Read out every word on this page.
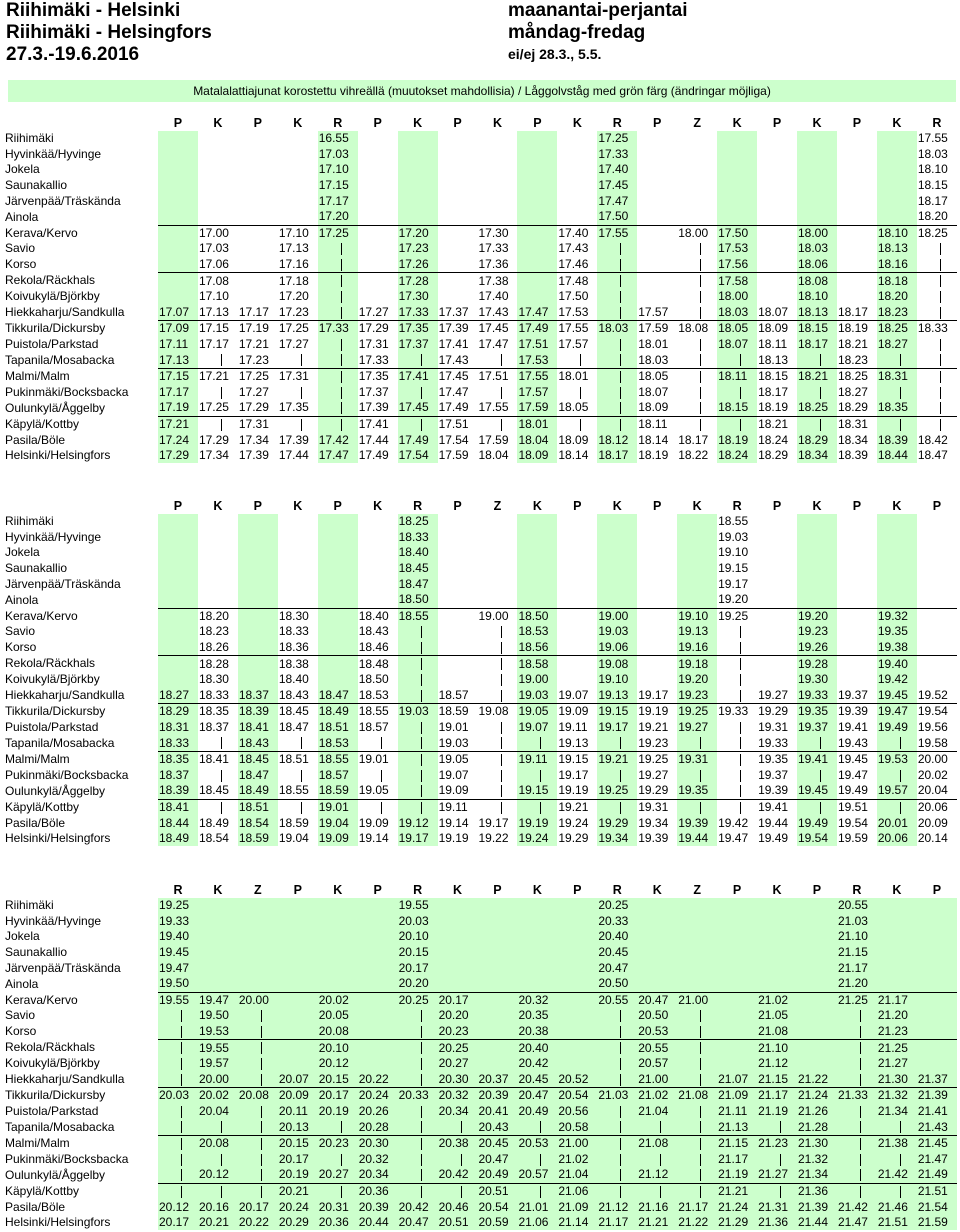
Riihimäki - Helsinki
Riihimäki - Helsingfors
27.3.-19.6.2016
maanantai-perjantai
måndag-fredag
ei/ej 28.3., 5.5.
Matalalattiajunat korostettu vihreällä (muutokset mahdollisia) / Låggolvståg med grön färg (ändringar möjliga)
	P	K	P	K	R	P	K	P	K	P	K	R	P	Z	K	P	K	P	K	R
Riihimäki					16.55							17.25								17.55
Hyvinkää/Hyvinge					17.03							17.33								18.03
Jokela					17.10							17.40								18.10
Saunakallio					17.15							17.45								18.15
Järvenpää/Träskända					17.17							17.47								18.17
Ainola					17.20							17.50								18.20
Kerava/Kervo		17.00		17.10	17.25		17.20		17.30		17.40	17.55		18.00	17.50		18.00		18.10	18.25
Savio		17.03		17.13			17.23		17.33		17.43				17.53		18.03		18.13	
Korso		17.06		17.16			17.26		17.36		17.46				17.56		18.06		18.16	
Rekola/Räckhals		17.08		17.18			17.28		17.38		17.48				17.58		18.08		18.18	
Koivukylä/Björkby		17.10		17.20			17.30		17.40		17.50				18.00		18.10		18.20	
Hiekkaharju/Sandkulla	17.07	17.13	17.17	17.23		17.27	17.33	17.37	17.43	17.47	17.53		17.57		18.03	18.07	18.13	18.17	18.23	
Tikkurila/Dickursby	17.09	17.15	17.19	17.25	17.33	17.29	17.35	17.39	17.45	17.49	17.55	18.03	17.59	18.08	18.05	18.09	18.15	18.19	18.25	18.33
Puistola/Parkstad	17.11	17.17	17.21	17.27		17.31	17.37	17.41	17.47	17.51	17.57		18.01		18.07	18.11	18.17	18.21	18.27	
Tapanila/Mosabacka	17.13		17.23			17.33		17.43		17.53			18.03			18.13		18.23		
Malmi/Malm	17.15	17.21	17.25	17.31		17.35	17.41	17.45	17.51	17.55	18.01		18.05		18.11	18.15	18.21	18.25	18.31	
Pukinmäki/Bocksbacka	17.17		17.27			17.37		17.47		17.57			18.07			18.17		18.27		
Oulunkylä/Åggelby	17.19	17.25	17.29	17.35		17.39	17.45	17.49	17.55	17.59	18.05		18.09		18.15	18.19	18.25	18.29	18.35	
Käpylä/Kottby	17.21		17.31			17.41		17.51		18.01			18.11			18.21		18.31		
Pasila/Böle	17.24	17.29	17.34	17.39	17.42	17.44	17.49	17.54	17.59	18.04	18.09	18.12	18.14	18.17	18.19	18.24	18.29	18.34	18.39	18.42
Helsinki/Helsingfors	17.29	17.34	17.39	17.44	17.47	17.49	17.54	17.59	18.04	18.09	18.14	18.17	18.19	18.22	18.24	18.29	18.34	18.39	18.44	18.47
	P	K	P	K	P	K	R	P	Z	K	P	K	P	K	R	P	K	P	K	P
Riihimäki							18.25								18.55					
Hyvinkää/Hyvinge							18.33								19.03					
Jokela							18.40								19.10					
Saunakallio							18.45								19.15					
Järvenpää/Träskända							18.47								19.17					
Ainola							18.50								19.20					
Kerava/Kervo		18.20		18.30		18.40	18.55		19.00	18.50		19.00		19.10	19.25		19.20		19.32	
Savio		18.23		18.33		18.43				18.53		19.03		19.13			19.23		19.35	
Korso		18.26		18.36		18.46				18.56		19.06		19.16			19.26		19.38	
Rekola/Räckhals		18.28		18.38		18.48				18.58		19.08		19.18			19.28		19.40	
Koivukylä/Björkby		18.30		18.40		18.50				19.00		19.10		19.20			19.30		19.42	
Hiekkaharju/Sandkulla	18.27	18.33	18.37	18.43	18.47	18.53		18.57		19.03	19.07	19.13	19.17	19.23		19.27	19.33	19.37	19.45	19.52
Tikkurila/Dickursby	18.29	18.35	18.39	18.45	18.49	18.55	19.03	18.59	19.08	19.05	19.09	19.15	19.19	19.25	19.33	19.29	19.35	19.39	19.47	19.54
Puistola/Parkstad	18.31	18.37	18.41	18.47	18.51	18.57		19.01		19.07	19.11	19.17	19.21	19.27		19.31	19.37	19.41	19.49	19.56
Tapanila/Mosabacka	18.33		18.43		18.53			19.03			19.13		19.23			19.33		19.43		19.58
Malmi/Malm	18.35	18.41	18.45	18.51	18.55	19.01		19.05		19.11	19.15	19.21	19.25	19.31		19.35	19.41	19.45	19.53	20.00
Pukinmäki/Bocksbacka	18.37		18.47		18.57			19.07			19.17		19.27			19.37		19.47		20.02
Oulunkylä/Åggelby	18.39	18.45	18.49	18.55	18.59	19.05		19.09		19.15	19.19	19.25	19.29	19.35		19.39	19.45	19.49	19.57	20.04
Käpylä/Kottby	18.41		18.51		19.01			19.11			19.21		19.31			19.41		19.51		20.06
Pasila/Böle	18.44	18.49	18.54	18.59	19.04	19.09	19.12	19.14	19.17	19.19	19.24	19.29	19.34	19.39	19.42	19.44	19.49	19.54	20.01	20.09
Helsinki/Helsingfors	18.49	18.54	18.59	19.04	19.09	19.14	19.17	19.19	19.22	19.24	19.29	19.34	19.39	19.44	19.47	19.49	19.54	19.59	20.06	20.14
	R	K	Z	P	K	P	R	K	P	K	P	R	K	Z	P	K	P	R	K	P
Riihimäki	19.25						19.55					20.25						20.55		
Hyvinkää/Hyvinge	19.33						20.03					20.33						21.03		
Jokela	19.40						20.10					20.40						21.10		
Saunakallio	19.45						20.15					20.45						21.15		
Järvenpää/Träskända	19.47						20.17					20.47						21.17		
Ainola	19.50						20.20					20.50						21.20		
Kerava/Kervo	19.55	19.47	20.00		20.02		20.25	20.17		20.32		20.55	20.47	21.00		21.02		21.25	21.17	
Savio		19.50			20.05			20.20		20.35			20.50			21.05			21.20	
Korso		19.53			20.08			20.23		20.38			20.53			21.08			21.23	
Rekola/Räckhals		19.55			20.10			20.25		20.40			20.55			21.10			21.25	
Koivukylä/Björkby		19.57			20.12			20.27		20.42			20.57			21.12			21.27	
Hiekkaharju/Sandkulla		20.00		20.07	20.15	20.22		20.30	20.37	20.45	20.52		21.00		21.07	21.15	21.22		21.30	21.37
Tikkurila/Dickursby	20.03	20.02	20.08	20.09	20.17	20.24	20.33	20.32	20.39	20.47	20.54	21.03	21.02	21.08	21.09	21.17	21.24	21.33	21.32	21.39
Puistola/Parkstad		20.04		20.11	20.19	20.26		20.34	20.41	20.49	20.56		21.04		21.11	21.19	21.26		21.34	21.41
Tapanila/Mosabacka				20.13		20.28			20.43		20.58				21.13		21.28			21.43
Malmi/Malm		20.08		20.15	20.23	20.30		20.38	20.45	20.53	21.00		21.08		21.15	21.23	21.30		21.38	21.45
Pukinmäki/Bocksbacka				20.17		20.32			20.47		21.02				21.17		21.32			21.47
Oulunkylä/Åggelby		20.12		20.19	20.27	20.34		20.42	20.49	20.57	21.04		21.12		21.19	21.27	21.34		21.42	21.49
Käpylä/Kottby				20.21		20.36			20.51		21.06				21.21		21.36			21.51
Pasila/Böle	20.12	20.16	20.17	20.24	20.31	20.39	20.42	20.46	20.54	21.01	21.09	21.12	21.16	21.17	21.24	21.31	21.39	21.42	21.46	21.54
Helsinki/Helsingfors	20.17	20.21	20.22	20.29	20.36	20.44	20.47	20.51	20.59	21.06	21.14	21.17	21.21	21.22	21.29	21.36	21.44	21.47	21.51	21.59
